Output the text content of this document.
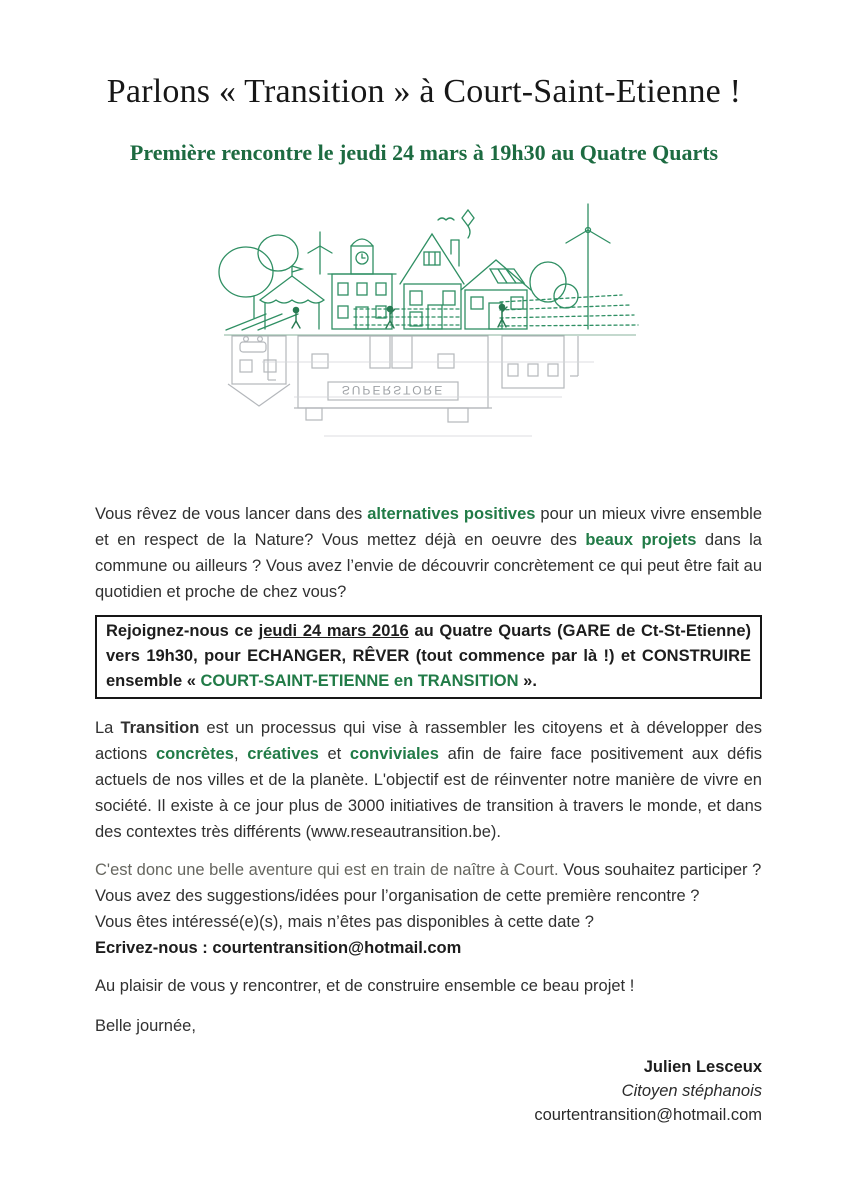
Parlons « Transition » à Court-Saint-Etienne !
Première rencontre le jeudi 24 mars à 19h30 au Quatre Quarts
SUPERSTORE

Vous rêvez de vous lancer dans des alternatives positives pour un mieux vivre ensemble et en respect de la Nature? Vous mettez déjà en oeuvre des beaux projets dans la commune ou ailleurs ? Vous avez l’envie de découvrir concrètement ce qui peut être fait au quotidien et proche de chez vous?

Rejoignez-nous ce jeudi 24 mars 2016 au Quatre Quarts (GARE de Ct-St-Etienne) vers 19h30, pour ECHANGER, RÊVER (tout commence par là !) et CONSTRUIRE ensemble « COURT-SAINT-ETIENNE en TRANSITION ».

La Transition est un processus qui vise à rassembler les citoyens et à développer des actions concrètes, créatives et conviviales afin de faire face positivement aux défis actuels de nos villes et de la planète. L'objectif est de réinventer notre manière de vivre en société. Il existe à ce jour plus de 3000 initiatives de transition à travers le monde, et dans des contextes très différents (www.reseautransition.be).

C'est donc une belle aventure qui est en train de naître à Court. Vous souhaitez participer ?
Vous avez des suggestions/idées pour l’organisation de cette première rencontre ?
Vous êtes intéressé(e)(s), mais n’êtes pas disponibles à cette date ?
Ecrivez-nous : courtentransition@hotmail.com

Au plaisir de vous y rencontrer, et de construire ensemble ce beau projet !

Belle journée,

Julien Lesceux
Citoyen stéphanois
courtentransition@hotmail.com
